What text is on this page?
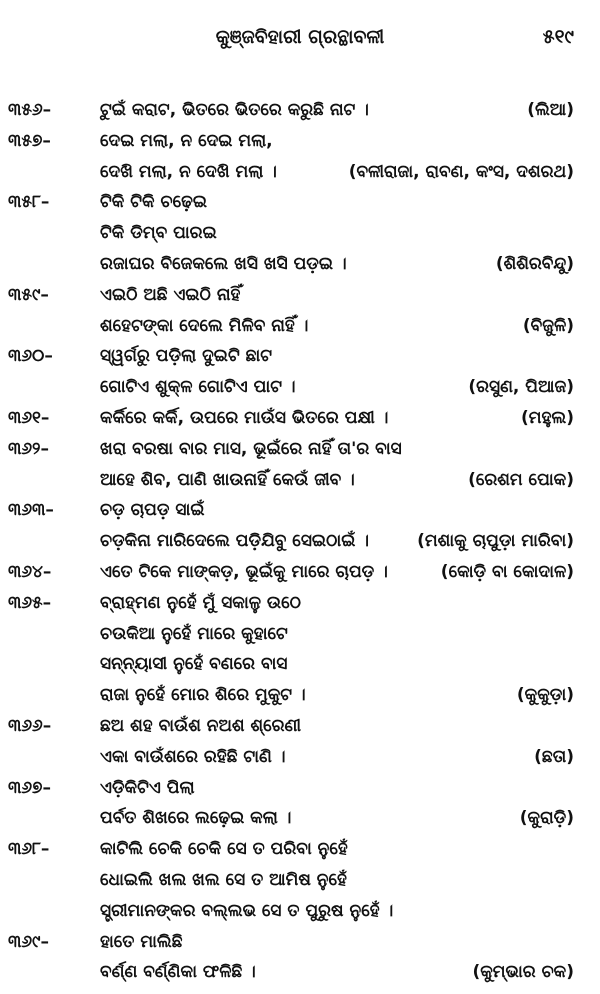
କୁଞ୍ଜବିହାରୀ ଗ୍ରନ୍ଥାବଳୀ	୫୧୯
୩୫୬–	ଟୁଇଁ କରାଟ, ଭିତରେ ଭିତରେ କରୁଛି ନାଟ ।	(ଲିଆ)
୩୫୭–	ଦେଇ ମଲା, ନ ଦେଇ ମଲା,
ଦେଖି ମଲା, ନ ଦେଖି ମଲା ।	(ବଳୀରାଜା, ରାବଣ, କଂସ, ଦଶରଥ)
୩୫୮–	ଟିକି ଟିକି ଚଢ଼େଇ
ଟିକି ଡିମ୍ବ ପାରଇ
ରଜାଘର ବିଜେକଲେ ଖସି ଖସି ପଡ଼ଇ ।	(ଶିଶିରବିନ୍ଦୁ)
୩୫୯–	ଏଇଠି ଅଛି ଏଇଠି ନାହିଁ
ଶହେଟଙ୍କା ଦେଲେ ମିଳିବ ନାହିଁ ।	(ବିଜୁଳି)
୩୬୦–	ସ୍ୱର୍ଗରୁ ପଡ଼ିଲା ଦୁଇଟି ଛାଟ
ଗୋଟିଏ ଶୁକ୍ଳ ଗୋଟିଏ ପାଟ ।	(ରସୁଣ, ପିଆଜ)
୩୬୧–	କର୍କିରେ କର୍କି, ଉପରେ ମାଉଁସ ଭିତରେ ପକ୍ଷୀ ।	(ମହୁଲ)
୩୬୨–	ଖରା ବରଷା ବାର ମାସ, ଭୂଇଁରେ ନାହିଁ ତା'ର ବାସ
ଆହେ ଶିବ, ପାଣି ଖାଉନାହିଁ କେଉଁ ଜୀବ ।	(ରେଶମ ପୋକ)
୩୬୩–	ଚଡ଼ ଚାପଡ଼ ସାଇଁ
ଚଡ଼କିନା ମାରିଦେଲେ ପଡ଼ିଯିବୁ ସେଇଠାଇଁ ।	(ମଶାକୁ ଚାପୁଡ଼ା ମାରିବା)
୩୬୪–	ଏତେ ଟିକେ ମାଙ୍କଡ଼, ଭୂଇଁକୁ ମାରେ ଚାପଡ଼ ।	(କୋଡ଼ି ବା କୋଦାଳ)
୩୬୫–	ବ୍ରାହ୍ମଣ ନୁହେଁ ମୁଁ ସକାଳୁ ଉଠେ
ଚଉକିଆ ନୁହେଁ ମାରେ କୁହାଟେ
ସନ୍ନ୍ୟାସୀ ନୁହେଁ ବଣରେ ବାସ
ରାଜା ନୁହେଁ ମୋର ଶିରେ ମୁକୁଟ ।	(କୁକୁଡ଼ା)
୩୬୬–	ଛଅ ଶହ ବାଉଁଶ ନଅଶ ଶ୍ରେଣୀ
ଏକା ବାଉଁଶରେ ରହିଛି ଟାଣି ।	(ଛତା)
୩୬୭–	ଏଡ଼ିକିଟିଏ ପିଲା
ପର୍ବତ ଶିଖରେ ଲଢ଼େଇ କଲା ।	(କୁରାଡ଼ି)
୩୬୮–	କାଟିଲି ଚେକି ଚେକି ସେ ତ ପରିବା ନୁହେଁ
ଧୋଇଲି ଖଲ ଖଲ ସେ ତ ଆମିଷ ନୁହେଁ
ସ୍ତ୍ରୀମାନଙ୍କର ବଲ୍ଲଭ ସେ ତ ପୁରୁଷ ନୁହେଁ ।
୩୬୯–	ହାତେ ମାଲିଛି
ବର୍ଣ୍ଣ ବର୍ଣ୍ଣିକା ଫଳିଛି ।	(କୁମ୍ଭାର ଚକ)
